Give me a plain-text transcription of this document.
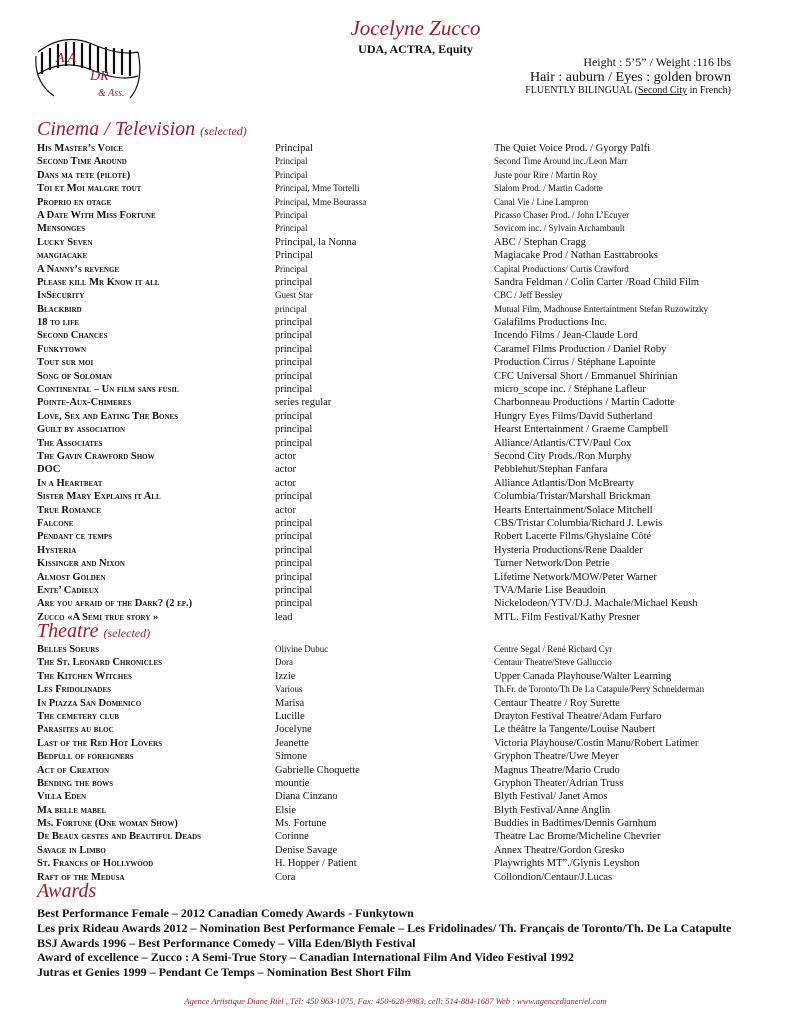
A A
DR
& Ass.
Jocelyne Zucco
UDA, ACTRA, Equity
Height : 5’5” / Weight :116 lbs
Hair : auburn / Eyes : golden brown
FLUENTLY BILINGUAL (Second City in French)
Cinema / Television (selected)
His Master’s Voice	Principal	The Quiet Voice Prod. / Gyorgy Palfi
Second Time Around	Principal	Second Time Around inc./Leon Marr
Dans ma tete (pilote)	Principal	Juste pour Rire / Martin Roy
Toi et Moi malgre tout	Principal, Mme Tortelli	Slalom Prod. / Martin Cadotte
Proprio en otage	Principal, Mme Bourassa	Canal Vie / Line Lampron
A Date With Miss Fortune	Principal	Picasso Chaser Prod. / John L’Ecuyer
Mensonges	Principal	Sovicom inc. / Sylvain Archambault
Lucky Seven	Principal, la Nonna	ABC / Stephan Cragg
mangiacake	Principal	Magiacake Prod / Nathan Easttabrooks
A Nanny’s revenge	Principal	Capital Productions/ Curtis Crawford
Please kill Mr Know it all	principal	Sandra Feldman / Colin Carter /Road Child Film
InSecurity	Guest Star	CBC / Jeff Bessley
Blackbird	principal	Mutual Film, Madhouse Entertaintment Stefan Ruzowitzky
18 to life	principal	Galafilms Productions Inc.
Second Chances	principal	Incendo Films / Jean-Claude Lord
Funkytown	principal	Caramel Films Production / Daniel Roby
Tout sur moi	principal	Production Cirrus / Stéphane Lapointe
Song of Soloman	principal	CFC Universal Short / Emmanuel Shirinian
Continental – Un film sans fusil	principal	micro_scope inc. / Stéphane Lafleur
Pointe-Aux-Chimeres	series regular	Charbonneau Productions / Martin Cadotte
Love, Sex and Eating The Bones	principal	Hungry Eyes Films/David Sutherland
Guilt by association	principal	Hearst Entertainment / Graeme Campbell
The Associates	principal	Alliance/Atlantis/CTV/Paul Cox
The Gavin Crawford Show	actor	Second City Prods./Ron Murphy
DOC	actor	Pebblehut/Stephan Fanfara
In a Heartbeat	actor	Alliance Atlantis/Don McBrearty
Sister Mary Explains it All	principal	Columbia/Tristar/Marshall Brickman
True Romance	actor	Hearts Entertainment/Solace Mitchell
Falcone	principal	CBS/Tristar Columbia/Richard J. Lewis
Pendant ce temps	principal	Robert Lacerte Films/Ghyslaine Côté
Hysteria	principal	Hysteria Productions/Rene Daalder
Kissinger and Nixon	principal	Turner Network/Don Petrie
Almost Golden	principal	Lifetime Network/MOW/Peter Warner
Ente’ Cadieux	principal	TVA/Marie Lise Beaudoin
Are you afraid of the Dark? (2 ep.)	principal	Nickelodeon/YTV/D.J. Machale/Michael Keush
Zucco «A Semi true story »	lead	MTL. Film Festival/Kathy Presner
Theatre (selected)
Belles Soeurs	Olivine Dubuc	Centre Segal / René Richard Cyr
The St. Leonard Chronicles	Dora	Centaur Theatre/Steve Galluccio
The Kitchen Witches	Izzie	Upper Canada Playhouse/Walter Learning
Les Fridolinades	Various	Th.Fr. de Toronto/Th De La Catapule/Perry Schneiderman
In Piazza San Domenico	Marisa	Centaur Theatre / Roy Surette
The cemetery club	Lucille	Drayton Festival Theatre/Adam Furfaro
Parasites au bloc	Jocelyne	Le théâtre la Tangente/Louise Naubert
Last of the Red Hot Lovers	Jeanette	Victoria Playhouse/Costin Manu/Robert Latimer
Bedfull of foreigners	Simone	Gryphon Theatre/Uwe Meyer
Act of Creation	Gabrielle Choquette	Magnus Theatre/Mario Crudo
Bending the bows	mountie	Gryphon Theater/Adrian Truss
Villa Eden	Diana Cinzano	Blyth Festival/ Janet Amos
Ma belle mabel	Elsie	Blyth Festival/Anne Anglin
Ms. Fortune (One woman Show)	Ms. Fortune	Buddies in Badtimes/Dennis Garnhum
De Beaux gestes and Beautiful Deads	Corinne	Theatre Lac Brome/Micheline Chevrier
Savage in Limbo	Denise Savage	Annex Theatre/Gordon Gresko
St. Frances of Hollywood	H. Hopper / Patient	Playwrights MT”./Glynis Leyshon
Raft of the Medusa	Cora	Collondion/Centaur/J.Lucas
Awards
Best Performance Female – 2012 Canadian Comedy Awards - Funkytown
Les prix Rideau Awards 2012 – Nomination Best Performance Female – Les Fridolinades/ Th. Français de Toronto/Th. De La Catapulte
BSJ Awards 1996 – Best Performance Comedy – Villa Eden/Blyth Festival
Award of excellence – Zucco : A Semi-True Story – Canadian International Film And Video Festival 1992
Jutras et Genies 1999 – Pendant Ce Temps – Nomination Best Short Film
Agence Artistique Diane Riel , Tél: 450 963-1075, Fax: 450-628-9983, cell: 514-884-1687 Web : www.agencedianeriel.com
